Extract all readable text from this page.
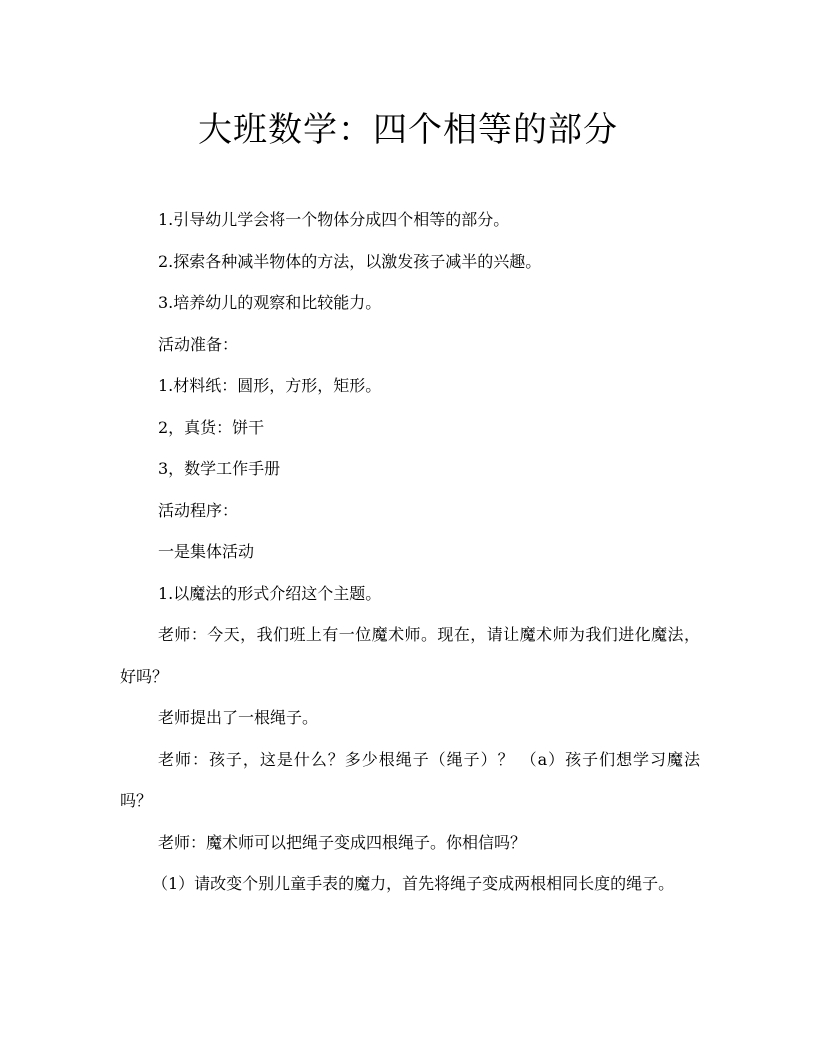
大班数学：四个相等的部分

1.引导幼儿学会将一个物体分成四个相等的部分。

2.探索各种减半物体的方法，以激发孩子减半的兴趣。

3.培养幼儿的观察和比较能力。

活动准备：

1.材料纸：圆形，方形，矩形。

2，真货：饼干

3，数学工作手册

活动程序：

一是集体活动

1.以魔法的形式介绍这个主题。

老师：今天，我们班上有一位魔术师。现在，请让魔术师为我们进化魔法，好吗？

老师提出了一根绳子。

老师：孩子，这是什么？多少根绳子（绳子）？ （a）孩子们想学习魔法吗？

老师：魔术师可以把绳子变成四根绳子。你相信吗？

（1）请改变个别儿童手表的魔力，首先将绳子变成两根相同长度的绳子。
